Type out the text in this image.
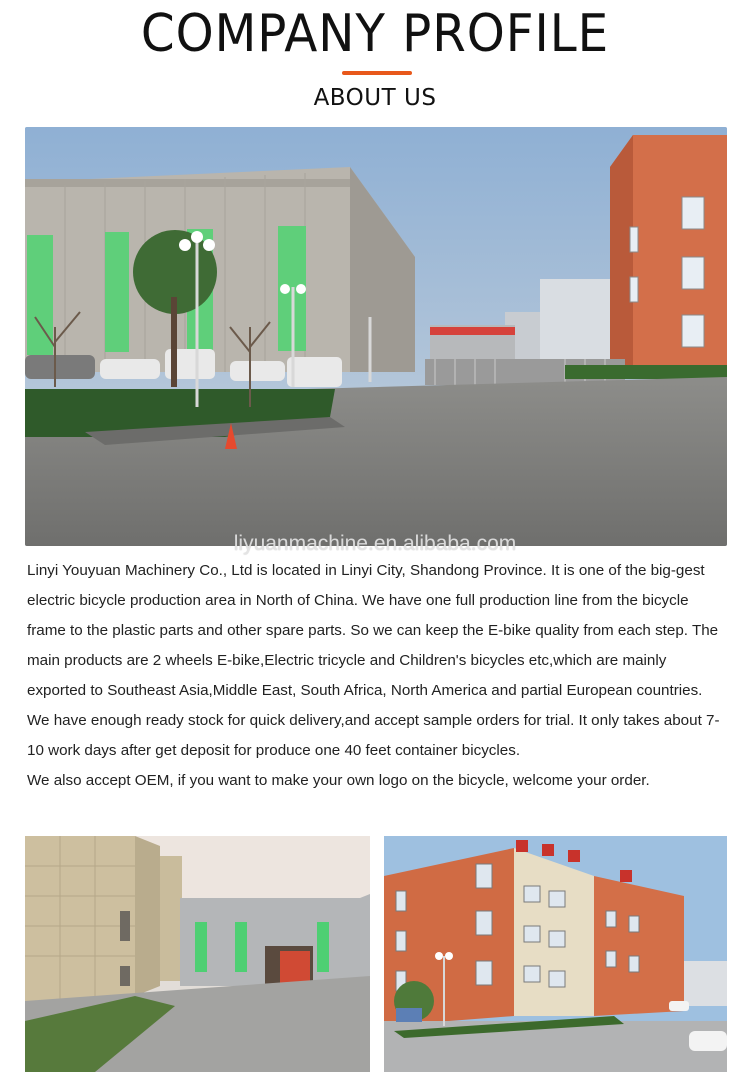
COMPANY PROFILE
ABOUT US
liyuanmachine.en.alibaba.com

Linyi Youyuan Machinery Co., Ltd is located in Linyi City, Shandong Province. It is one of the big-gest electric bicycle production area in North of China. We have one full production line from the bicycle frame to the plastic parts and other spare parts. So we can keep the E-bike quality from each step. The main products are 2 wheels E-bike,Electric tricycle and Children's bicycles etc,which are mainly exported to Southeast Asia,Middle East, South Africa, North America and partial European countries.

We have enough ready stock for quick delivery,and accept sample orders for trial. It only takes about 7-10 work days after get deposit for produce one 40 feet container bicycles.

We also accept OEM, if you want to make your own logo on the bicycle, welcome your order.
